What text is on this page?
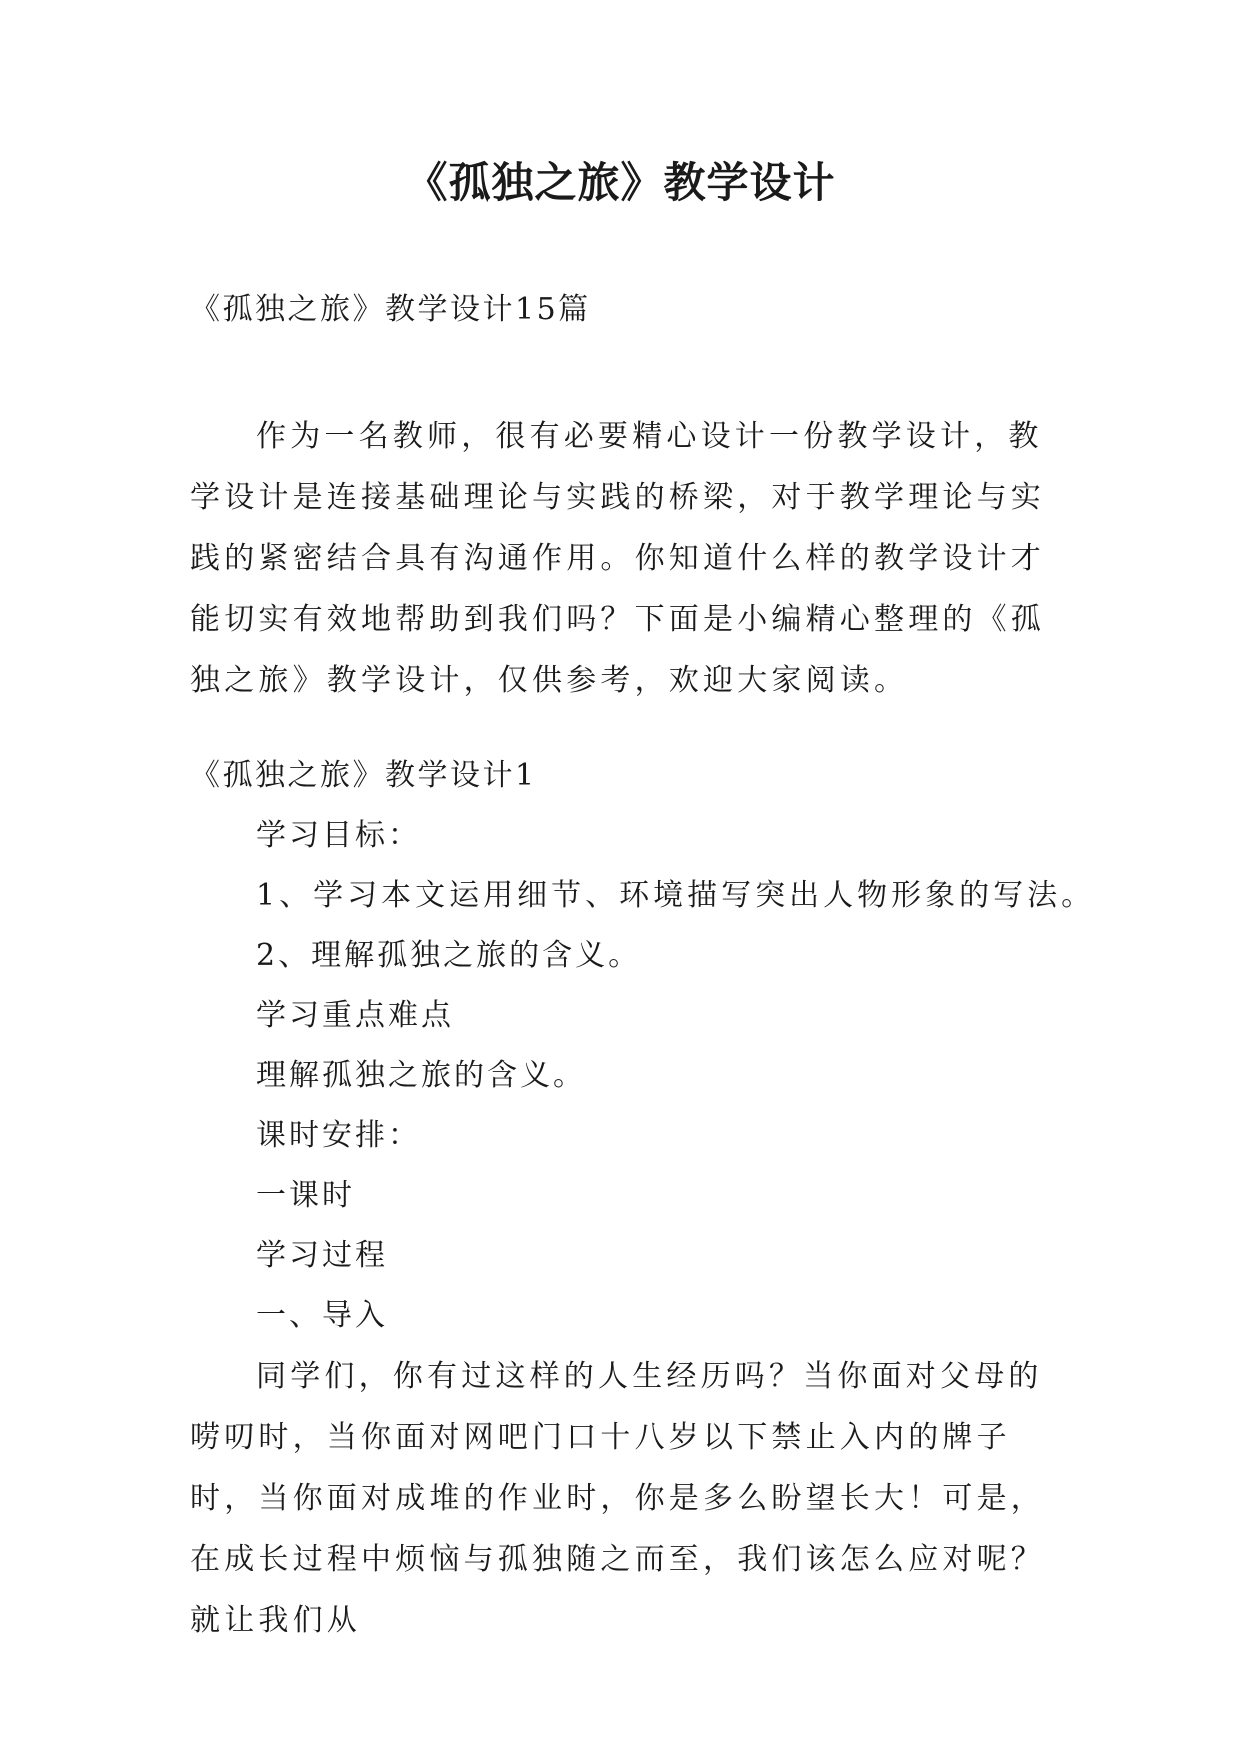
《孤独之旅》教学设计

《孤独之旅》教学设计15篇

作为一名教师，很有必要精心设计一份教学设计，教学设计是连接基础理论与实践的桥梁，对于教学理论与实践的紧密结合具有沟通作用。你知道什么样的教学设计才能切实有效地帮助到我们吗？下面是小编精心整理的《孤独之旅》教学设计，仅供参考，欢迎大家阅读。

《孤独之旅》教学设计1

学习目标：

1、学习本文运用细节、环境描写突出人物形象的写法。

2、理解孤独之旅的含义。

学习重点难点

理解孤独之旅的含义。

课时安排：

一课时

学习过程

一、导入

同学们，你有过这样的人生经历吗？当你面对父母的唠叨时，当你面对网吧门口十八岁以下禁止入内的牌子时，当你面对成堆的作业时，你是多么盼望长大！可是，在成长过程中烦恼与孤独随之而至，我们该怎么应对呢？就让我们从
